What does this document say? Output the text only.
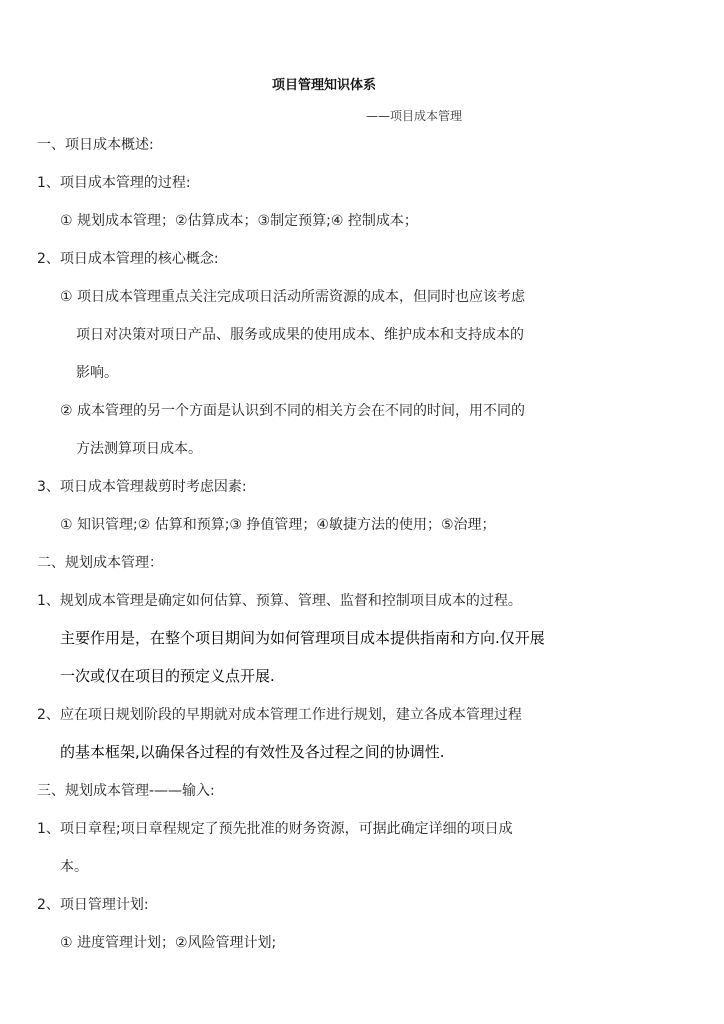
项目管理知识体系
——项目成本管理
一、项日成本概述:
1、项目成本管理的过程:
① 规划成本管理；②估算成本；③制定预算;④ 控制成本；
2、项日成本管理的核心概念:
① 项日成本管理重点关注完成项日活动所需资源的成本，但同时也应该考虑
项日对决策对项日产品、服务或成果的使用成本、维护成本和支持成本的
影响。
② 成本管理的另一个方面是认识到不同的相关方会在不同的时间，用不同的
方法测算项日成本。
3、项日成本管理裁剪时考虑因素:
① 知识管理;② 估算和预算;③ 挣值管理；④敏捷方法的使用；⑤治理；
二、规划成本管理：
1、规划成本管理是确定如何估算、预算、管理、监督和控制项目成本的过程。
主要作用是，在整个项目期间为如何管理项目成本提供指南和方向.仅开展
一次或仅在项目的预定义点开展.
2、应在项日规划阶段的早期就对成本管理工作进行规划，建立各成本管理过程
的基本框架,以确保各过程的有效性及各过程之间的协调性.
三、规划成本管理-——输入:
1、项日章程;项日章程规定了预先批准的财务资源，可据此确定详细的项日成
本。
2、项日管理计划:
① 进度管理计划；②风险管理计划;
